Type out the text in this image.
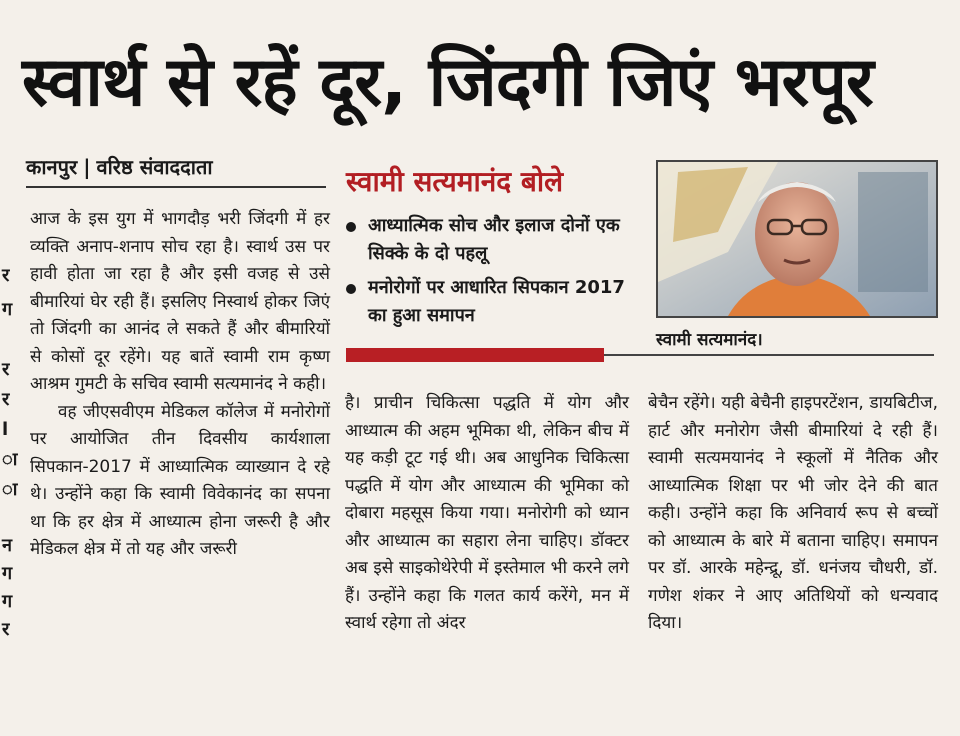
स्वार्थ से रहें दूर, जिंदगी जिएं भरपूर
कानपुर | वरिष्ठ संवाददाता
र
ग
र
र
l
ा
ा
न
ग
ग
र

आज के इस युग में भागदौड़ भरी जिंदगी में हर व्यक्ति अनाप-शनाप सोच रहा है। स्वार्थ उस पर हावी होता जा रहा है और इसी वजह से उसे बीमारियां घेर रही हैं। इसलिए निस्वार्थ होकर जिएं तो जिंदगी का आनंद ले सकते हैं और बीमारियों से कोसों दूर रहेंगे। यह बातें स्वामी राम कृष्ण आश्रम गुमटी के सचिव स्वामी सत्यमानंद ने कही।

वह जीएसवीएम मेडिकल कॉलेज में मनोरोगों पर आयोजित तीन दिवसीय कार्यशाला सिपकान-2017 में आध्यात्मिक व्याख्यान दे रहे थे। उन्होंने कहा कि स्वामी विवेकानंद का सपना था कि हर क्षेत्र में आध्यात्म होना जरूरी है और मेडिकल क्षेत्र में तो यह और जरूरी

स्वामी सत्यमानंद बोले
आध्यात्मिक सोच और इलाज दोनों एक सिक्के के दो पहलू
मनोरोगों पर आधारित सिपकान 2017 का हुआ समापन
स्वामी सत्यमानंद।

है। प्राचीन चिकित्सा पद्धति में योग और आध्यात्म की अहम भूमिका थी, लेकिन बीच में यह कड़ी टूट गई थी। अब आधुनिक चिकित्सा पद्धति में योग और आध्यात्म की भूमिका को दोबारा महसूस किया गया। मनोरोगी को ध्यान और आध्यात्म का सहारा लेना चाहिए। डॉक्टर अब इसे साइकोथेरेपी में इस्तेमाल भी करने लगे हैं। उन्होंने कहा कि गलत कार्य करेंगे, मन में स्वार्थ रहेगा तो अंदर

बेचैन रहेंगे। यही बेचैनी हाइपरटेंशन, डायबिटीज, हार्ट और मनोरोग जैसी बीमारियां दे रही हैं। स्वामी सत्यमयानंद ने स्कूलों में नैतिक और आध्यात्मिक शिक्षा पर भी जोर देने की बात कही। उन्होंने कहा कि अनिवार्य रूप से बच्चों को आध्यात्म के बारे में बताना चाहिए। समापन पर डॉ. आरके महेन्द्रू, डॉ. धनंजय चौधरी, डॉ. गणेश शंकर ने आए अतिथियों को धन्यवाद दिया।
